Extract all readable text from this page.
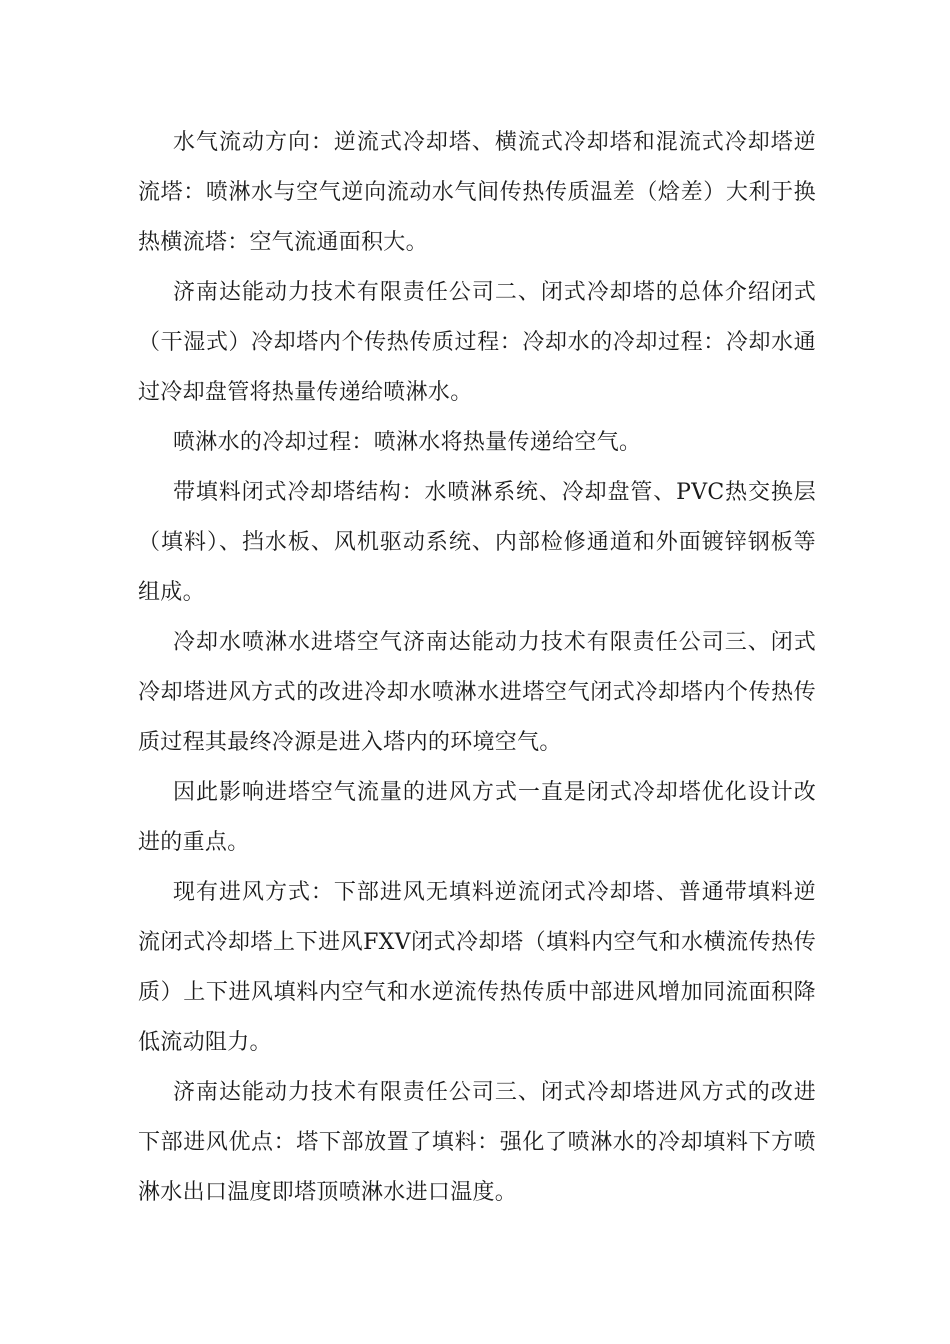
水气流动方向：逆流式冷却塔、横流式冷却塔和混流式冷却塔逆流塔：喷淋水与空气逆向流动水气间传热传质温差（焓差）大利于换热横流塔：空气流通面积大。

济南达能动力技术有限责任公司二、闭式冷却塔的总体介绍闭式（干湿式）冷却塔内个传热传质过程：冷却水的冷却过程：冷却水通过冷却盘管将热量传递给喷淋水。

喷淋水的冷却过程：喷淋水将热量传递给空气。

带填料闭式冷却塔结构：水喷淋系统、冷却盘管、PVC热交换层（填料）、挡水板、风机驱动系统、内部检修通道和外面镀锌钢板等组成。

冷却水喷淋水进塔空气济南达能动力技术有限责任公司三、闭式冷却塔进风方式的改进冷却水喷淋水进塔空气闭式冷却塔内个传热传质过程其最终冷源是进入塔内的环境空气。

因此影响进塔空气流量的进风方式一直是闭式冷却塔优化设计改进的重点。

现有进风方式：下部进风无填料逆流闭式冷却塔、普通带填料逆流闭式冷却塔上下进风FXV闭式冷却塔（填料内空气和水横流传热传质）上下进风填料内空气和水逆流传热传质中部进风增加同流面积降低流动阻力。

济南达能动力技术有限责任公司三、闭式冷却塔进风方式的改进下部进风优点：塔下部放置了填料：强化了喷淋水的冷却填料下方喷淋水出口温度即塔顶喷淋水进口温度。
